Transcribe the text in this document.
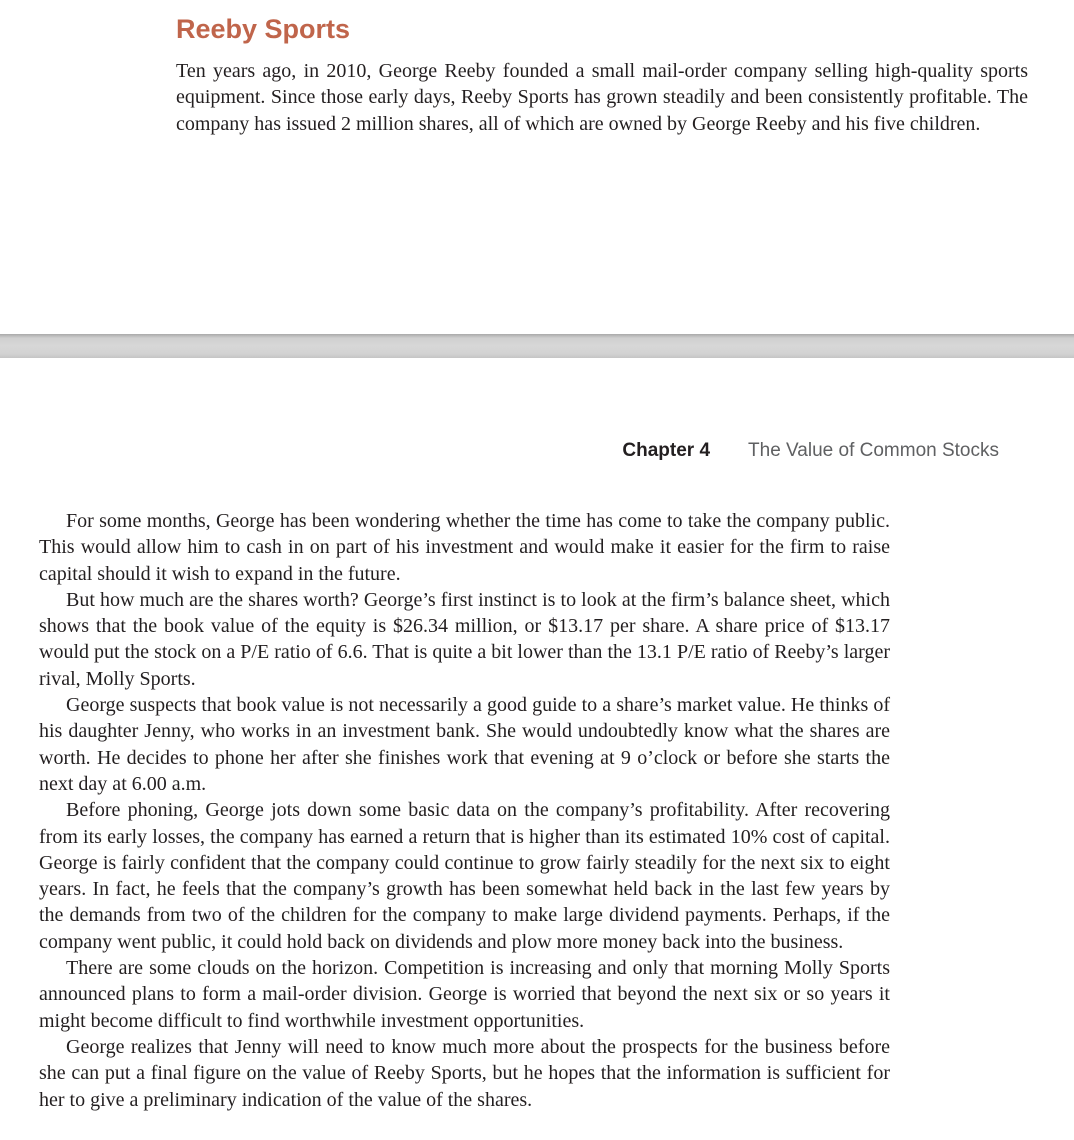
Reeby Sports

Ten years ago, in 2010, George Reeby founded a small mail-order company selling high-quality sports equipment. Since those early days, Reeby Sports has grown steadily and been consistently profitable. The company has issued 2 million shares, all of which are owned by George Reeby and his five children.

Chapter 4 The Value of Common Stocks

For some months, George has been wondering whether the time has come to take the company public. This would allow him to cash in on part of his investment and would make it easier for the firm to raise capital should it wish to expand in the future.

But how much are the shares worth? George’s first instinct is to look at the firm’s balance sheet, which shows that the book value of the equity is $26.34 million, or $13.17 per share. A share price of $13.17 would put the stock on a P/E ratio of 6.6. That is quite a bit lower than the 13.1 P/E ratio of Reeby’s larger rival, Molly Sports.

George suspects that book value is not necessarily a good guide to a share’s market value. He thinks of his daughter Jenny, who works in an investment bank. She would undoubtedly know what the shares are worth. He decides to phone her after she finishes work that evening at 9 o’clock or before she starts the next day at 6.00 a.m.

Before phoning, George jots down some basic data on the company’s profitability. After recovering from its early losses, the company has earned a return that is higher than its estimated 10% cost of capital. George is fairly confident that the company could continue to grow fairly steadily for the next six to eight years. In fact, he feels that the company’s growth has been somewhat held back in the last few years by the demands from two of the children for the company to make large dividend payments. Perhaps, if the company went public, it could hold back on dividends and plow more money back into the business.

There are some clouds on the horizon. Competition is increasing and only that morning Molly Sports announced plans to form a mail-order division. George is worried that beyond the next six or so years it might become difficult to find worthwhile investment opportunities.

George realizes that Jenny will need to know much more about the prospects for the business before she can put a final figure on the value of Reeby Sports, but he hopes that the information is sufficient for her to give a preliminary indication of the value of the shares.
